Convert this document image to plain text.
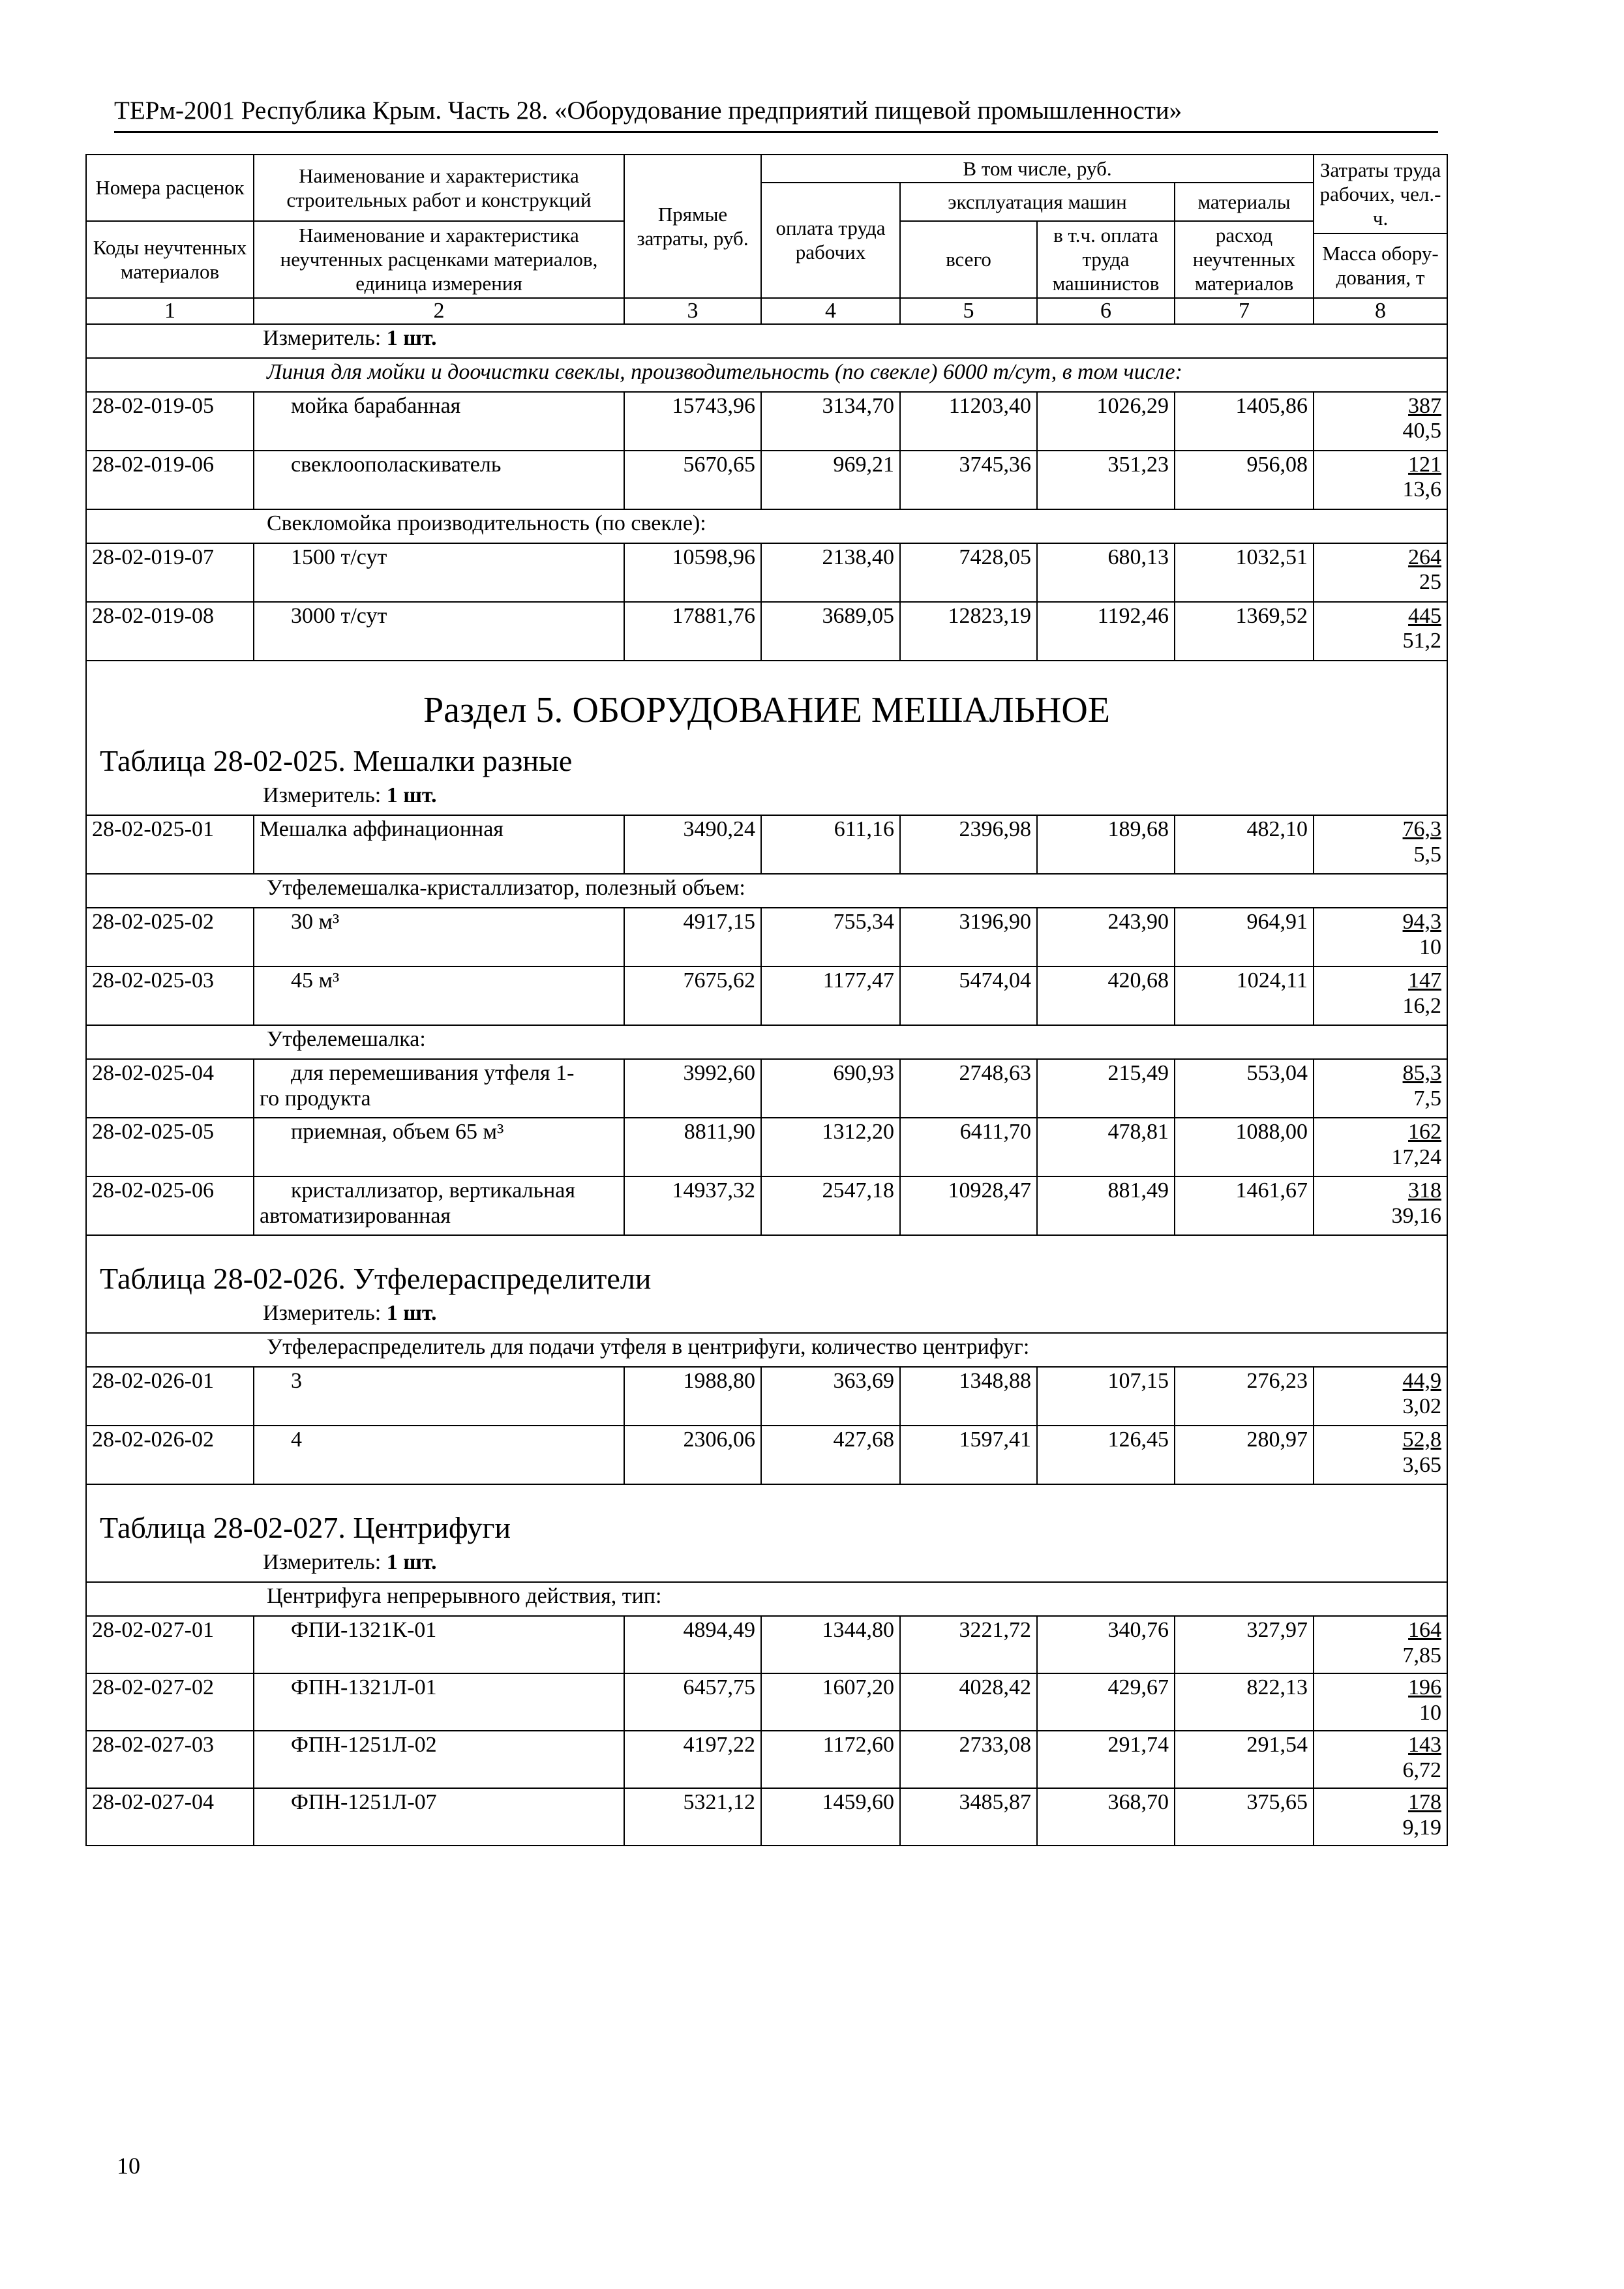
ТЕРм-2001 Республика Крым. Часть 28. «Оборудование предприятий пищевой промышленности»
Номера расценок	Наименование и характеристика строительных работ и конструкций	Прямые затраты, руб.	В том числе, руб.				Затраты труда рабочих, чел.-ч.
			оплата труда рабочих	эксплуатация машин		материалы	
Коды неучтенных материалов	Наименование и характеристика неучтенных расценками материалов, единица измерения			всего	в т.ч. оплата труда машинистов	расход неучтенных материалов	
							Масса обору-дования, т
1	2	3	4	5	6	7	8
Измеритель: 1 шт.							
Линия для мойки и доочистки свеклы, производительность (по свекле) 6000 т/сут, в том числе:							
28-02-019-05	мойка барабанная	15743,96	3134,70	11203,40	1026,29	1405,86	387
40,5

28-02-019-06	свеклоополаскиватель	5670,65	969,21	3745,36	351,23	956,08	121
13,6

Свекломойка производительность (по свекле):							
28-02-019-07	1500 т/сут	10598,96	2138,40	7428,05	680,13	1032,51	264
25

28-02-019-08	3000 т/сут	17881,76	3689,05	12823,19	1192,46	1369,52	445
51,2

Раздел 5. ОБОРУДОВАНИЕ МЕШАЛЬНОЕ							
Таблица 28-02-025. Мешалки разные							
Измеритель: 1 шт.							
28-02-025-01	Мешалка аффинационная	3490,24	611,16	2396,98	189,68	482,10	76,3
5,5

Утфелемешалка-кристаллизатор, полезный объем:							
28-02-025-02	30 м³	4917,15	755,34	3196,90	243,90	964,91	94,3
10

28-02-025-03	45 м³	7675,62	1177,47	5474,04	420,68	1024,11	147
16,2

Утфелемешалка:							
28-02-025-04	для перемешивания утфеля 1-
го продукта	3992,60	690,93	2748,63	215,49	553,04	85,3
7,5

28-02-025-05	приемная, объем 65 м³	8811,90	1312,20	6411,70	478,81	1088,00	162
17,24

28-02-025-06	кристаллизатор, вертикальная
автоматизированная	14937,32	2547,18	10928,47	881,49	1461,67	318
39,16

Таблица 28-02-026. Утфелераспределители							
Измеритель: 1 шт.							
Утфелераспределитель для подачи утфеля в центрифуги, количество центрифуг:							
28-02-026-01	3	1988,80	363,69	1348,88	107,15	276,23	44,9
3,02

28-02-026-02	4	2306,06	427,68	1597,41	126,45	280,97	52,8
3,65

Таблица 28-02-027. Центрифуги							
Измеритель: 1 шт.							
Центрифуга непрерывного действия, тип:							
28-02-027-01	ФПИ-1321К-01	4894,49	1344,80	3221,72	340,76	327,97	164
7,85

28-02-027-02	ФПН-1321Л-01	6457,75	1607,20	4028,42	429,67	822,13	196
10

28-02-027-03	ФПН-1251Л-02	4197,22	1172,60	2733,08	291,74	291,54	143
6,72

28-02-027-04	ФПН-1251Л-07	5321,12	1459,60	3485,87	368,70	375,65	178
9,19
10
